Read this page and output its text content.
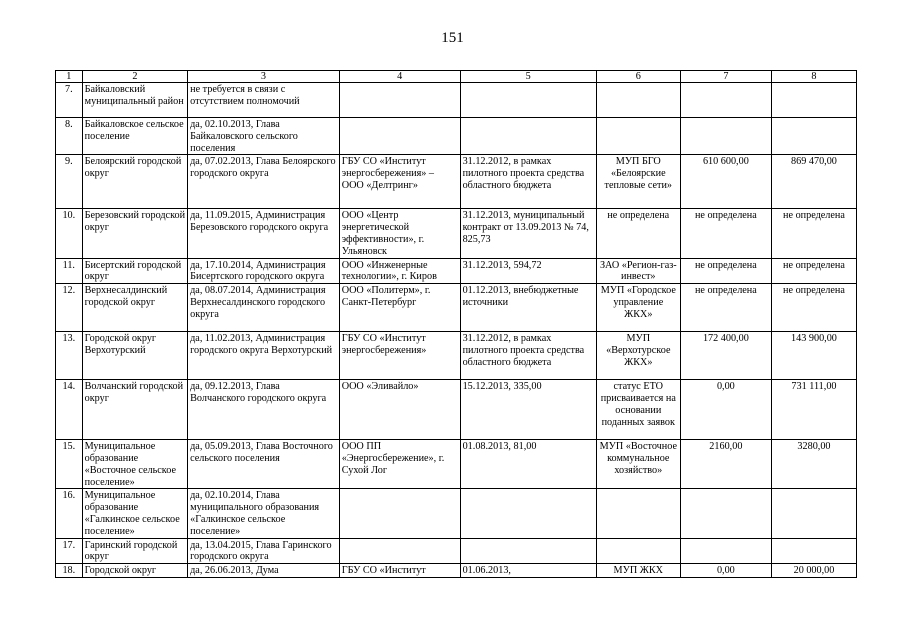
151
1	2	3	4	5	6	7	8
7.	Байкаловский муниципальный район	не требуется в связи с отсутствием полномочий					
8.	Байкаловское сельское поселение	да, 02.10.2013, Глава Байкаловского сельского поселения					
9.	Белоярский городской округ	да, 07.02.2013, Глава Белоярского городского округа	ГБУ СО «Институт энергосбережения» – ООО «Делтринг»	31.12.2012, в рамках пилотного проекта средства областного бюджета	МУП БГО «Белоярские тепловые сети»	610 600,00	869 470,00
10.	Березовский городской округ	да, 11.09.2015, Администрация Березовского городского округа	ООО «Центр энергетической эффективности», г. Ульяновск	31.12.2013, муниципальный контракт от 13.09.2013 № 74, 825,73	не определена	не определена	не определена
11.	Бисертский городской округ	да, 17.10.2014, Администрация Бисертского городского округа	ООО «Инженерные технологии», г. Киров	31.12.2013, 594,72	ЗАО «Регион-газ-инвест»	не определена	не определена
12.	Верхнесалдинский городской округ	да, 08.07.2014, Администрация Верхнесалдинского городского округа	ООО «Политерм», г. Санкт-Петербург	01.12.2013, внебюджетные источники	МУП «Городское управление ЖКХ»	не определена	не определена
13.	Городской округ Верхотурский	да, 11.02.2013, Администрация городского округа Верхотурский	ГБУ СО «Институт энергосбережения»	31.12.2012, в рамках пилотного проекта средства областного бюджета	МУП «Верхотурское ЖКХ»	172 400,00	143 900,00
14.	Волчанский городской округ	да, 09.12.2013, Глава Волчанского городского округа	ООО «Эливайло»	15.12.2013, 335,00	статус ЕТО присваивается на основании поданных заявок	0,00	731 111,00
15.	Муниципальное образование «Восточное сельское поселение»	да, 05.09.2013, Глава Восточного сельского поселения	ООО ПП «Энергосбережение», г. Сухой Лог	01.08.2013, 81,00	МУП «Восточное коммунальное хозяйство»	2160,00	3280,00
16.	Муниципальное образование «Галкинское сельское поселение»	да, 02.10.2014, Глава муниципального образования «Галкинское сельское поселение»					
17.	Гаринский городской округ	да, 13.04.2015, Глава Гаринского городского округа					
18.	Городской округ	да, 26.06.2013, Дума	ГБУ СО «Институт	01.06.2013,	МУП ЖКХ	0,00	20 000,00
